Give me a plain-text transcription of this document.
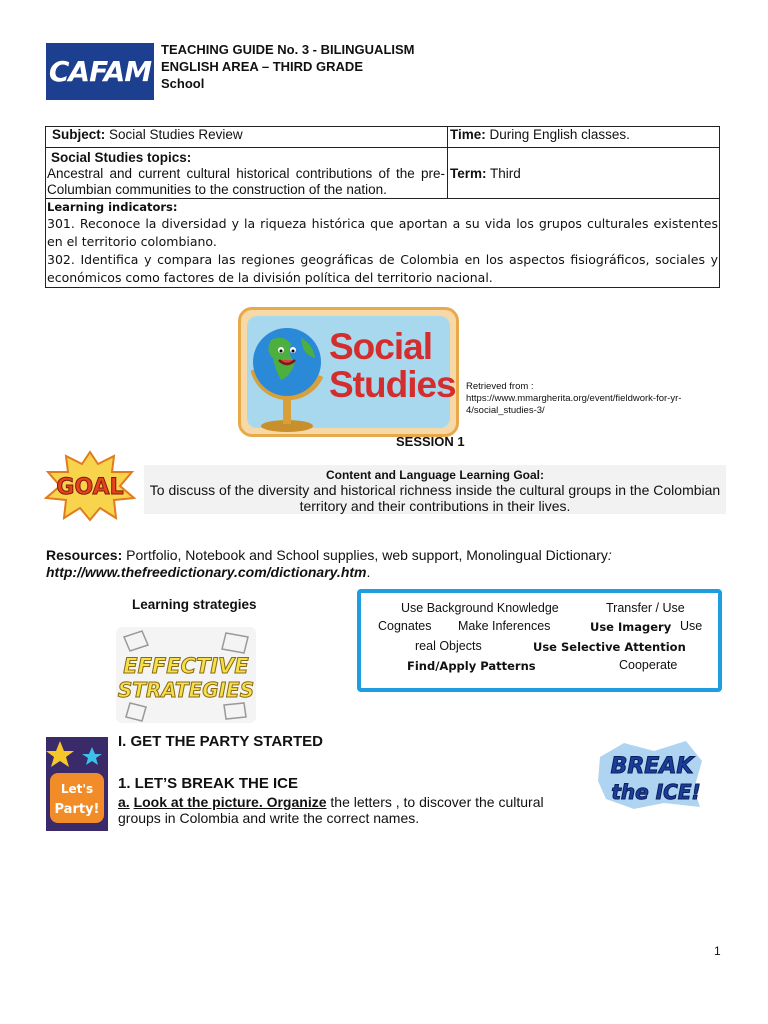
CAFAM
TEACHING GUIDE No. 3 - BILINGUALISM
ENGLISH AREA – THIRD GRADE
School
Subject: Social Studies Review	Time: During English classes.

Social Studies topics:
Ancestral and current cultural historical contributions of the pre-Columbian communities to the construction of the nation.	Term: Third

Learning indicators:

301. Reconoce la diversidad y la riqueza histórica que aportan a su vida los grupos culturales existentes en el territorio colombiano.

302. Identifica y compara las regiones geográficas de Colombia en los aspectos fisiográficos, sociales y económicos como factores de la división política del territorio nacional.	

Social
Studies Retrieved from : https://www.mmargherita.org/event/fieldwork-for-yr-4/social_studies-3/
SESSION 1
GOAL	Content and Language Learning Goal:
To discuss of the diversity and historical richness inside the cultural groups in the Colombian territory and their contributions in their lives.
Resources: Portfolio, Notebook and School supplies, web support, Monolingual Dictionary:
http://www.thefreedictionary.com/dictionary.htm.
Learning strategies
EFFECTIVE
STRATEGIES
Use Background Knowledge	Transfer / Use
Cognates Make Inferences	Use Imagery Use
real Objects	Use Selective Attention
Find/Apply Patterns	Cooperate
Let's
Party!
I. GET THE PARTY STARTED
1. LET’S BREAK THE ICE
a. Look at the picture. Organize the letters , to discover the cultural groups in Colombia and write the correct names.
BREAK
the ICE!
1
